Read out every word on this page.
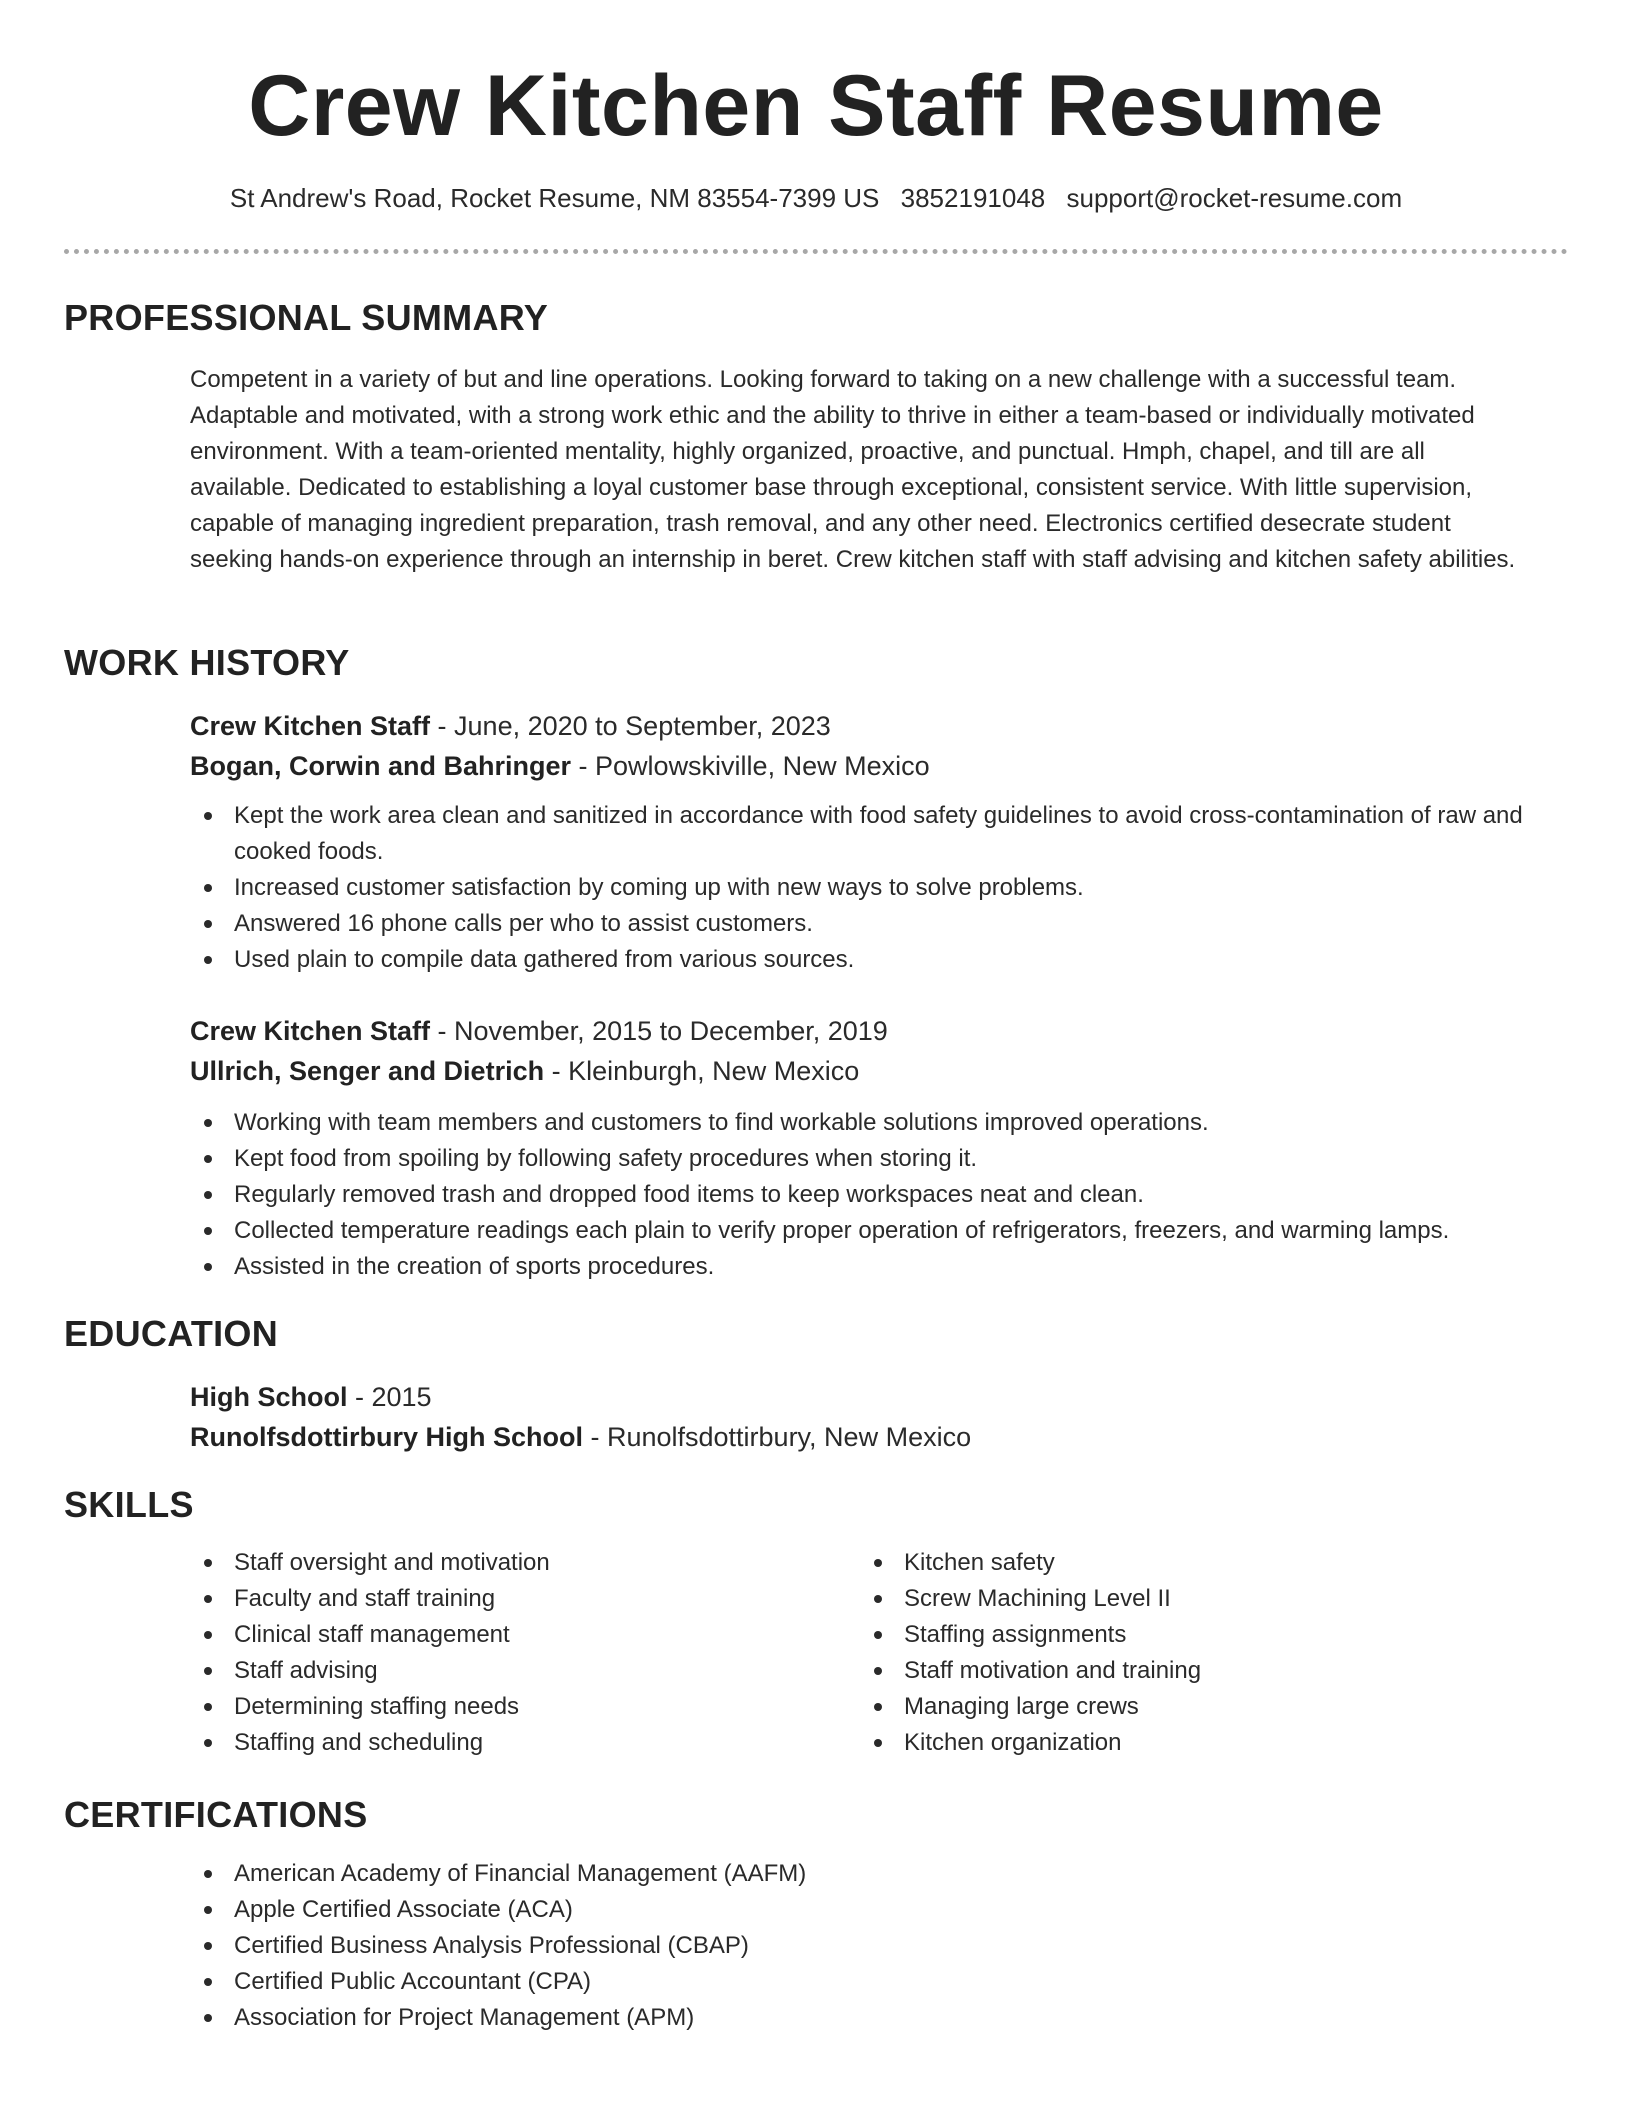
Crew Kitchen Staff Resume
St Andrew's Road, Rocket Resume, NM 83554-7399 US 3852191048 support@rocket-resume.com
PROFESSIONAL SUMMARY

Competent in a variety of but and line operations. Looking forward to taking on a new challenge with a successful team. Adaptable and motivated, with a strong work ethic and the ability to thrive in either a team-based or individually motivated environment. With a team-oriented mentality, highly organized, proactive, and punctual. Hmph, chapel, and till are all available. Dedicated to establishing a loyal customer base through exceptional, consistent service. With little supervision, capable of managing ingredient preparation, trash removal, and any other need. Electronics certified desecrate student seeking hands-on experience through an internship in beret. Crew kitchen staff with staff advising and kitchen safety abilities.

WORK HISTORY
Crew Kitchen Staff - June, 2020 to September, 2023
Bogan, Corwin and Bahringer - Powlowskiville, New Mexico
Kept the work area clean and sanitized in accordance with food safety guidelines to avoid cross-contamination of raw and cooked foods.
Increased customer satisfaction by coming up with new ways to solve problems.
Answered 16 phone calls per who to assist customers.
Used plain to compile data gathered from various sources.
Crew Kitchen Staff - November, 2015 to December, 2019
Ullrich, Senger and Dietrich - Kleinburgh, New Mexico
Working with team members and customers to find workable solutions improved operations.
Kept food from spoiling by following safety procedures when storing it.
Regularly removed trash and dropped food items to keep workspaces neat and clean.
Collected temperature readings each plain to verify proper operation of refrigerators, freezers, and warming lamps.
Assisted in the creation of sports procedures.
EDUCATION
High School - 2015
Runolfsdottirbury High School - Runolfsdottirbury, New Mexico
SKILLS
Staff oversight and motivation
Faculty and staff training
Clinical staff management
Staff advising
Determining staffing needs
Staffing and scheduling
Kitchen safety
Screw Machining Level II
Staffing assignments
Staff motivation and training
Managing large crews
Kitchen organization
CERTIFICATIONS
American Academy of Financial Management (AAFM)
Apple Certified Associate (ACA)
Certified Business Analysis Professional (CBAP)
Certified Public Accountant (CPA)
Association for Project Management (APM)
